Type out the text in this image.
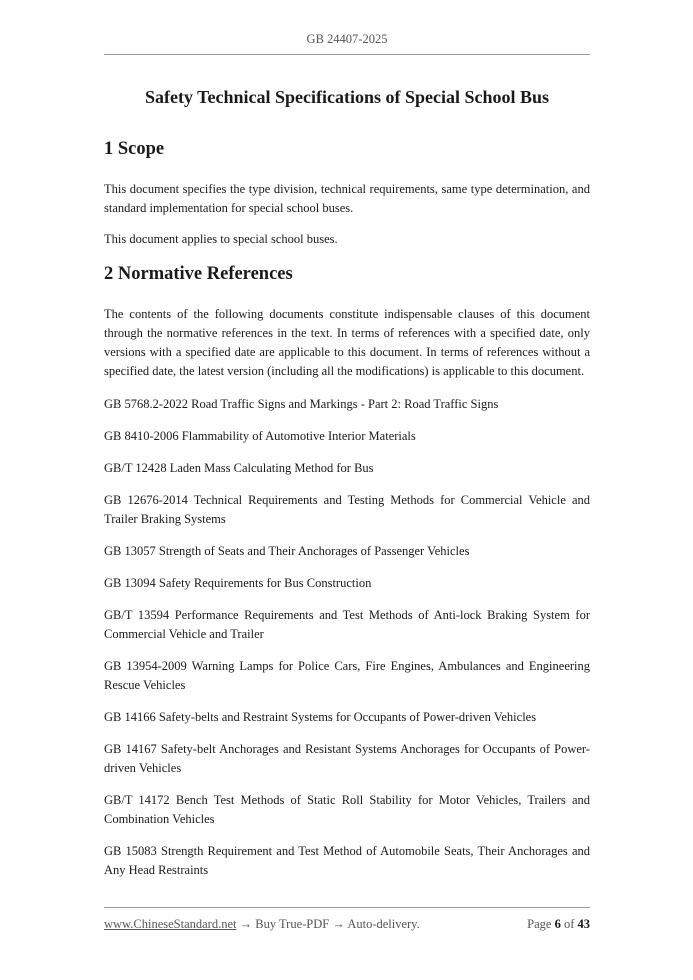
GB 24407-2025
Safety Technical Specifications of Special School Bus
1 Scope

This document specifies the type division, technical requirements, same type determination, and standard implementation for special school buses.

This document applies to special school buses.

2 Normative References

The contents of the following documents constitute indispensable clauses of this document through the normative references in the text. In terms of references with a specified date, only versions with a specified date are applicable to this document. In terms of references without a specified date, the latest version (including all the modifications) is applicable to this document.

GB 5768.2-2022 Road Traffic Signs and Markings - Part 2: Road Traffic Signs

GB 8410-2006 Flammability of Automotive Interior Materials

GB/T 12428 Laden Mass Calculating Method for Bus

GB 12676-2014 Technical Requirements and Testing Methods for Commercial Vehicle and Trailer Braking Systems

GB 13057 Strength of Seats and Their Anchorages of Passenger Vehicles

GB 13094 Safety Requirements for Bus Construction

GB/T 13594 Performance Requirements and Test Methods of Anti-lock Braking System for Commercial Vehicle and Trailer

GB 13954-2009 Warning Lamps for Police Cars, Fire Engines, Ambulances and Engineering Rescue Vehicles

GB 14166 Safety-belts and Restraint Systems for Occupants of Power-driven Vehicles

GB 14167 Safety-belt Anchorages and Resistant Systems Anchorages for Occupants of Power-driven Vehicles

GB/T 14172 Bench Test Methods of Static Roll Stability for Motor Vehicles, Trailers and Combination Vehicles

GB 15083 Strength Requirement and Test Method of Automobile Seats, Their Anchorages and Any Head Restraints

www.ChineseStandard.net → Buy True-PDF → Auto-delivery.	Page 6 of 43
